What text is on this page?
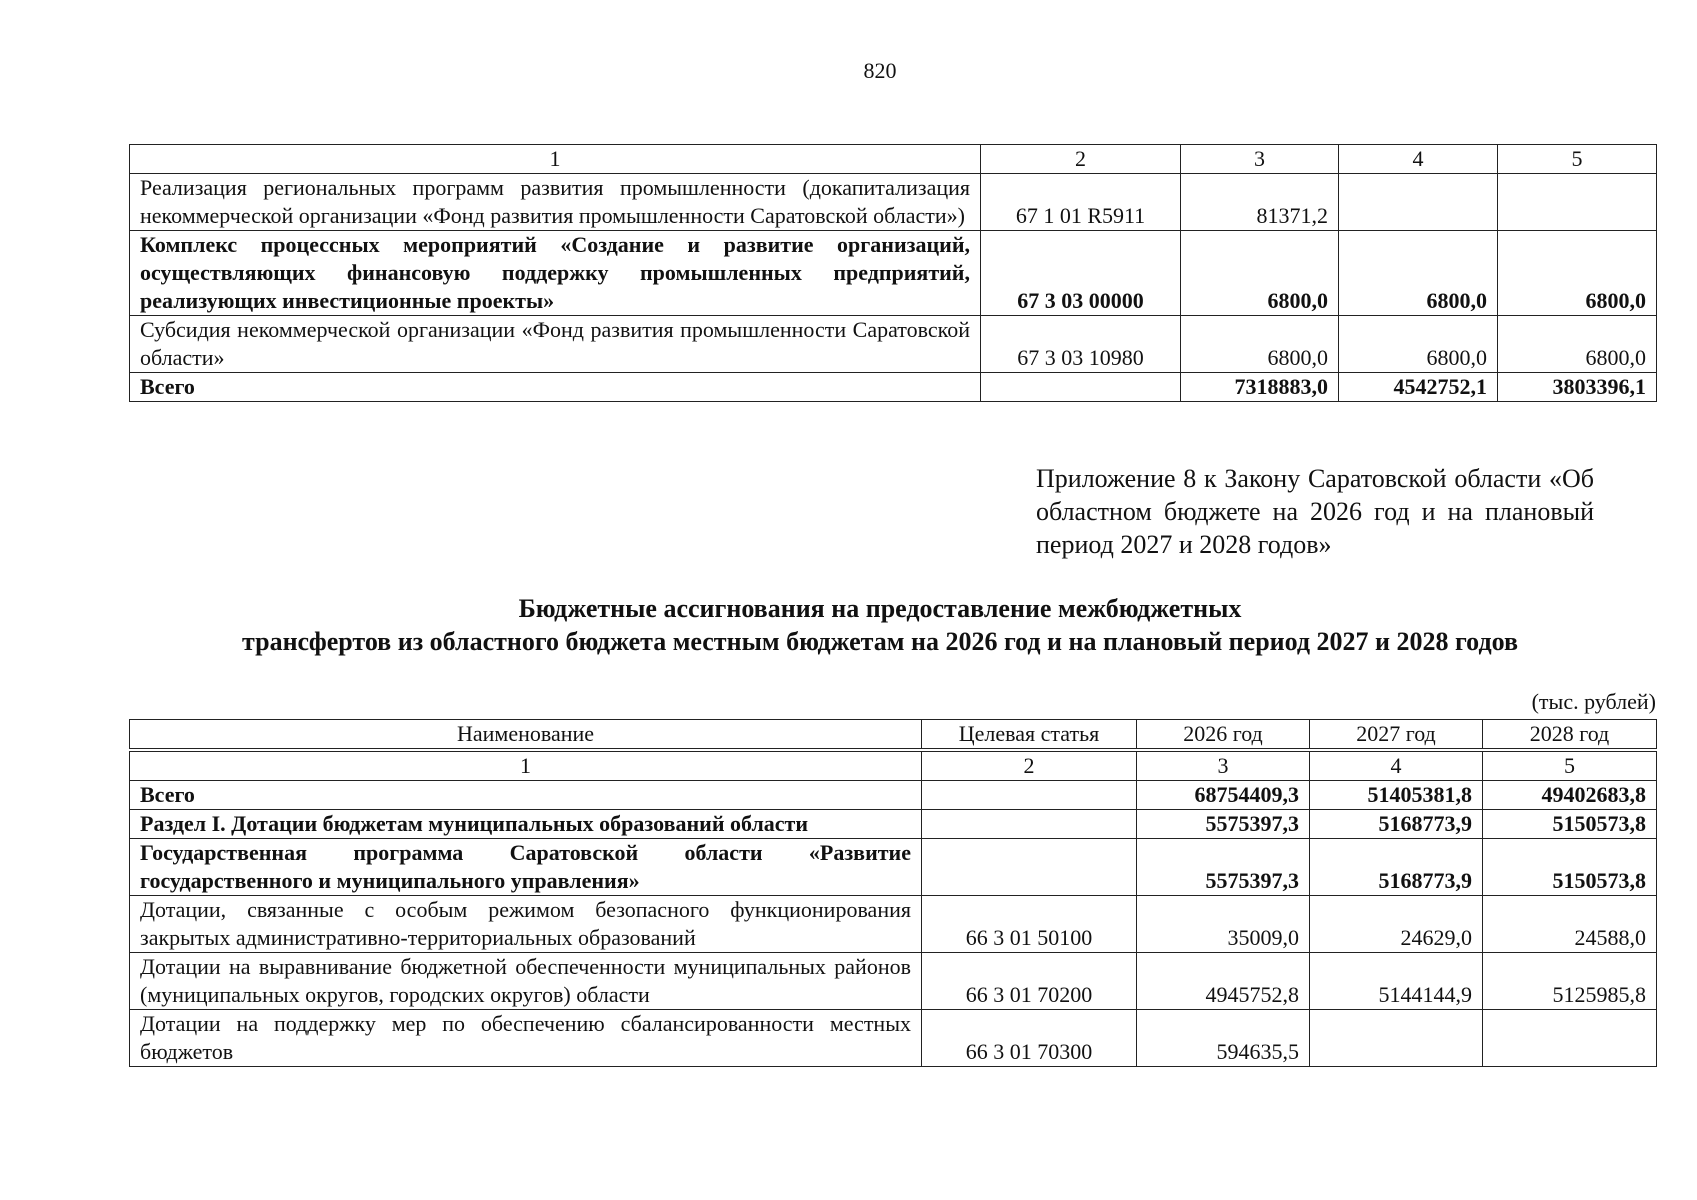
820
1	2	3	4	5
Реализация региональных программ развития промышленности (докапитализация некоммерческой организации «Фонд развития промышленности Саратовской области»)	67 1 01 R5911	81371,2		
Комплекс процессных мероприятий «Создание и развитие организаций, осуществляющих финансовую поддержку промышленных предприятий, реализующих инвестиционные проекты»	67 3 03 00000	6800,0	6800,0	6800,0
Субсидия некоммерческой организации «Фонд развития промышленности Саратовской области»	67 3 03 10980	6800,0	6800,0	6800,0
Всего		7318883,0	4542752,1	3803396,1
Приложение 8 к Закону Саратовской области «Об областном бюджете на 2026 год и на плановый период 2027 и 2028 годов»
Бюджетные ассигнования на предоставление межбюджетных
трансфертов из областного бюджета местным бюджетам на 2026 год и на плановый период 2027 и 2028 годов
(тыс. рублей)
Наименование	Целевая статья	2026 год	2027 год	2028 год
1	2	3	4	5
Всего		68754409,3	51405381,8	49402683,8
Раздел I. Дотации бюджетам муниципальных образований области		5575397,3	5168773,9	5150573,8
Государственная программа Саратовской области «Развитие государственного и муниципального управления»		5575397,3	5168773,9	5150573,8
Дотации, связанные с особым режимом безопасного функционирования закрытых административно-территориальных образований	66 3 01 50100	35009,0	24629,0	24588,0
Дотации на выравнивание бюджетной обеспеченности муниципальных районов (муниципальных округов, городских округов) области	66 3 01 70200	4945752,8	5144144,9	5125985,8
Дотации на поддержку мер по обеспечению сбалансированности местных бюджетов	66 3 01 70300	594635,5		
